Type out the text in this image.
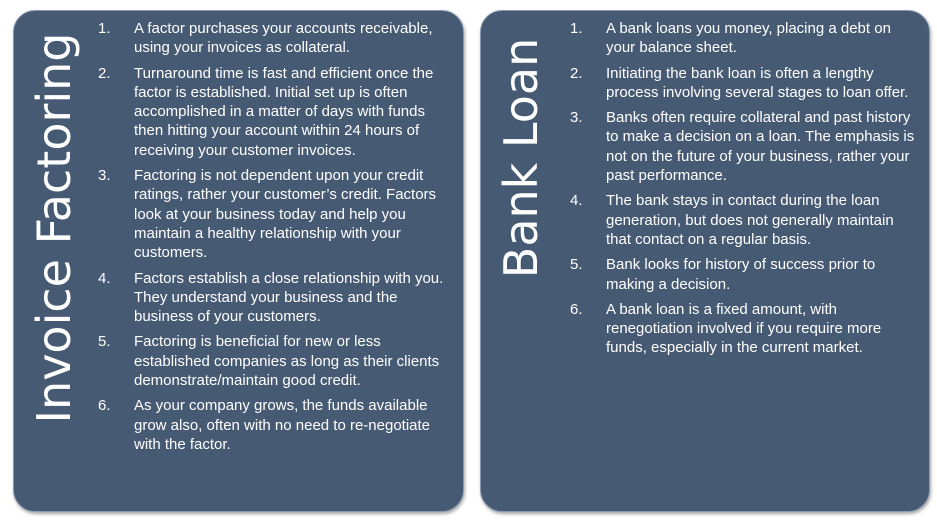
Invoice Factoring
1.	A factor purchases your accounts receivable, using your invoices as collateral.
2.	Turnaround time is fast and efficient once the factor is established. Initial set up is often accomplished in a matter of days with funds then hitting your account within 24 hours of receiving your customer invoices.
3.	Factoring is not dependent upon your credit ratings, rather your customer’s credit. Factors look at your business today and help you maintain a healthy relationship with your customers.
4.	Factors establish a close relationship with you. They understand your business and the business of your customers.
5.	Factoring is beneficial for new or less established companies as long as their clients demonstrate/maintain good credit.
6.	As your company grows, the funds available grow also, often with no need to re-negotiate with the factor.
Bank Loan
1.	A bank loans you money, placing a debt on your balance sheet.
2.	Initiating the bank loan is often a lengthy process involving several stages to loan offer.
3.	Banks often require collateral and past history to make a decision on a loan. The emphasis is not on the future of your business, rather your past performance.
4.	The bank stays in contact during the loan generation, but does not generally maintain that contact on a regular basis.
5.	Bank looks for history of success prior to making a decision.
6.	A bank loan is a fixed amount, with renegotiation involved if you require more funds, especially in the current market.
